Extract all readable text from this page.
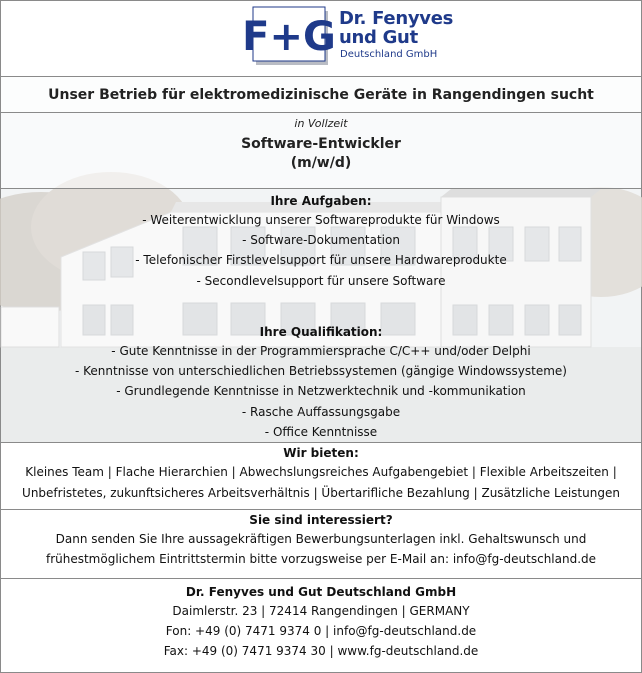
F+G Dr. Fenyves
und Gut
Deutschland GmbH
Unser Betrieb für elektromedizinische Geräte in Rangendingen sucht
in Vollzeit
Software-Entwickler
(m/w/d)
Ihre Aufgaben:
- Weiterentwicklung unserer Softwareprodukte für Windows
- Software-Dokumentation
- Telefonischer Firstlevelsupport für unsere Hardwareprodukte
- Secondlevelsupport für unsere Software
Ihre Qualifikation:
- Gute Kenntnisse in der Programmiersprache C/C++ und/oder Delphi
- Kenntnisse von unterschiedlichen Betriebssystemen (gängige Windowssysteme)
- Grundlegende Kenntnisse in Netzwerktechnik und -kommunikation
- Rasche Auffassungsgabe
- Office Kenntnisse
Wir bieten:
Kleines Team | Flache Hierarchien | Abwechslungsreiches Aufgabengebiet | Flexible Arbeitszeiten |
Unbefristetes, zukunftsicheres Arbeitsverhältnis | Übertarifliche Bezahlung | Zusätzliche Leistungen
Sie sind interessiert?
Dann senden Sie Ihre aussagekräftigen Bewerbungsunterlagen inkl. Gehaltswunsch und
frühestmöglichem Eintrittstermin bitte vorzugsweise per E-Mail an: info@fg-deutschland.de
Dr. Fenyves und Gut Deutschland GmbH
Daimlerstr. 23 | 72414 Rangendingen | GERMANY
Fon: +49 (0) 7471 9374 0 | info@fg-deutschland.de
Fax: +49 (0) 7471 9374 30 | www.fg-deutschland.de
